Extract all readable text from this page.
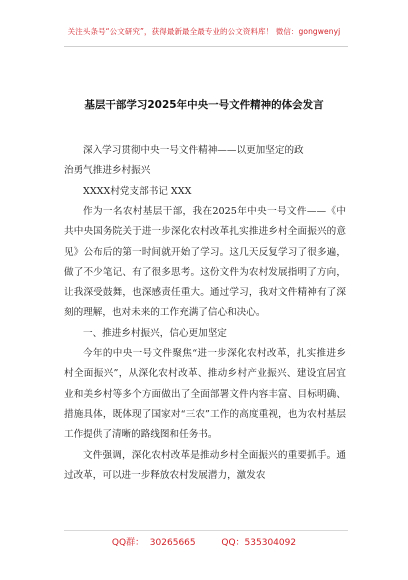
关注头条号“公文研究”，获得最新最全最专业的公文资料库！ 微信：gongwenyj
基层干部学习2025年中央一号文件精神的体会发言

深入学习贯彻中央一号文件精神——以更加坚定的政

治勇气推进乡村振兴
XXXX村党支部书记 XXX

作为一名农村基层干部，我在2025年中央一号文件——《中共中央国务院关于进一步深化农村改革扎实推进乡村全面振兴的意见》公布后的第一时间就开始了学习。这几天反复学习了很多遍，做了不少笔记、有了很多思考。这份文件为农村发展指明了方向，让我深受鼓舞，也深感责任重大。通过学习，我对文件精神有了深刻的理解，也对未来的工作充满了信心和决心。

一、推进乡村振兴，信心更加坚定

今年的中央一号文件聚焦“进一步深化农村改革，扎实推进乡村全面振兴”，从深化农村改革、推动乡村产业振兴、建设宜居宜业和美乡村等多个方面做出了全面部署文件内容丰富、目标明确、措施具体，既体现了国家对“三农”工作的高度重视，也为农村基层工作提供了清晰的路线图和任务书。

文件强调，深化农村改革是推动乡村全面振兴的重要抓手。通过改革，可以进一步释放农村发展潜力，激发农

QQ群：  30265665         QQ：535304092
